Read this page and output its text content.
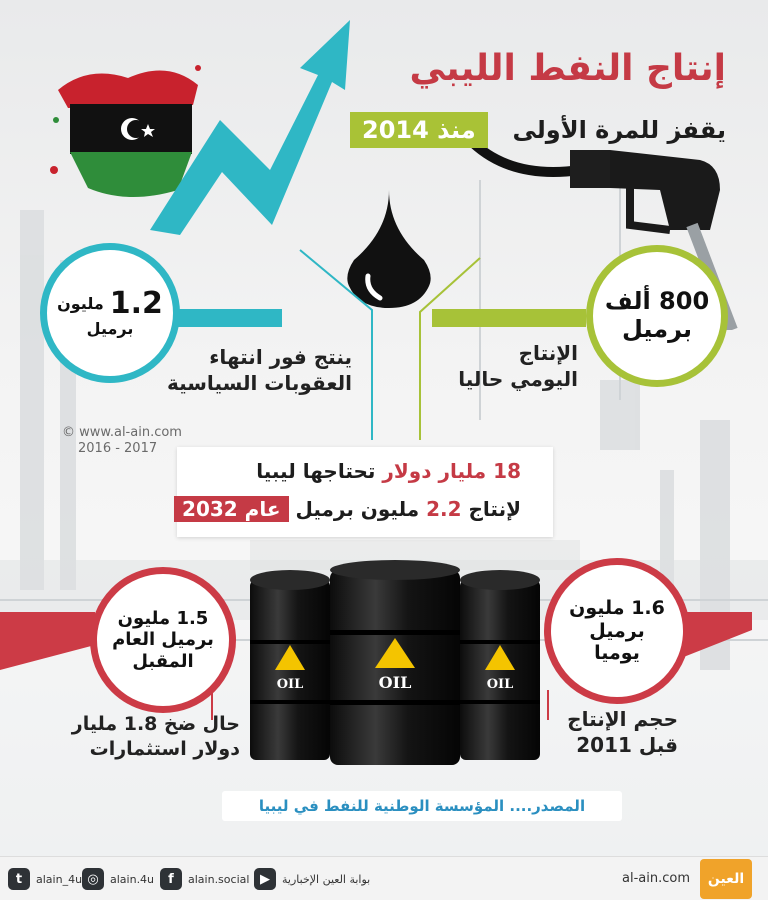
إنتاج النفط الليبي
يقفز للمرة الأولى
منذ 2014
1.2
مليون
برميل
ينتج فور انتهاء
العقوبات السياسية
800 ألف
برميل
الإنتاج
اليومي حاليا
© www.al-ain.com
2016 - 2017
18 مليار دولار تحتاجها ليبيا
لإنتاج 2.2 مليون برميل عام 2032
OIL	OIL
OIL
1.6 مليون
برميل
يوميا
حجم الإنتاج
قبل 2011
1.5 مليون
برميل العام
المقبل
حال ضخ 1.8 مليار
دولار استثمارات
المصدر.... المؤسسة الوطنية للنفط في ليبيا
t	alain_4u ◎	alain.4u	f	alain.social ▶	بوابة العين الإخبارية	al-ain.com	العين
